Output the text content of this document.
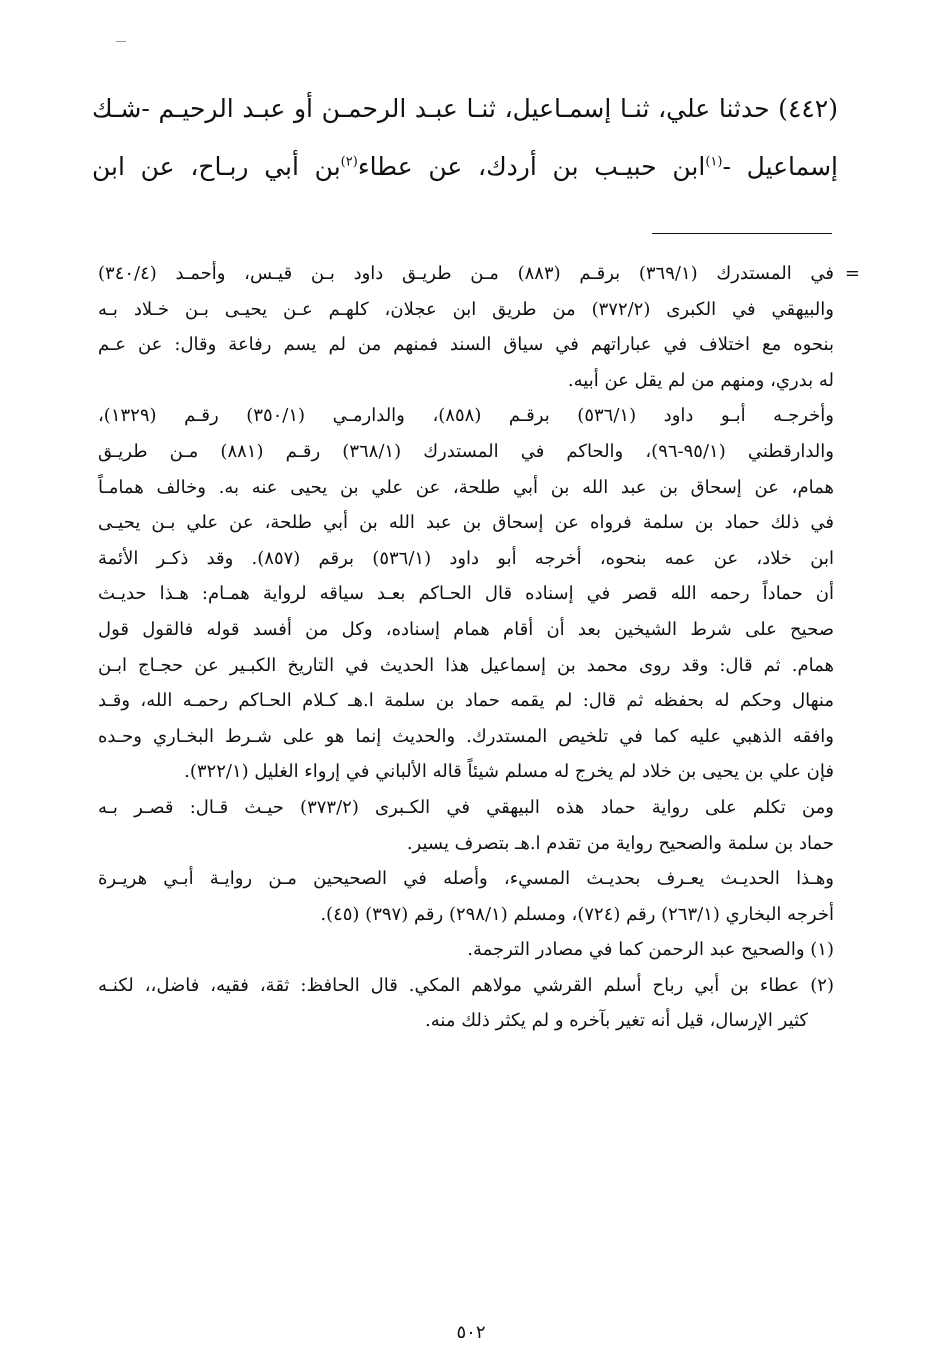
(٤٤٢) حدثنا علي، ثنـا إسمـاعيل، ثنـا عبـد الرحمـن أو عبـد الرحيـم -شـك
إسماعيل -$^{(١)}$ابن حبيـب بن أردك، عن عطاء$^{(٢)}$بن أبي ربـاح، عن ابن
=
في المستدرك (٣٦٩/١) برقـم (٨٨٣) مـن طريـق داود بـن قيـس، وأحمـد (٣٤٠/٤)
والبيهقي في الكبرى (٣٧٢/٢) من طريق ابن عجلان، كلهـم عـن يحيـى بـن خـلاد بـه
بنحوه مع اختلاف في عباراتهم في سياق السند فمنهم من لم يسم رفاعة وقال: عن عـم
له بدري، ومنهم من لم يقل عن أبيه.
وأخرجـه أبـو داود (٥٣٦/١) برقـم (٨٥٨)، والدارمـي (٣٥٠/١) رقـم (١٣٢٩)،
والدارقطني (٩٥/١-٩٦)، والحاكم في المستدرك (٣٦٨/١) رقـم (٨٨١) مـن طريـق
همام، عن إسحاق بن عبد الله بن أبي طلحة، عن علي بن يحيى عنه به. وخالف همامـاً
في ذلك حماد بن سلمة فرواه عن إسحاق بن عبد الله بن أبي طلحة، عن علي بـن يحيـى
ابن خلاد، عن عمه بنحوه، أخرجه أبو داود (٥٣٦/١) برقم (٨٥٧). وقد ذكـر الأئمة
أن حماداً رحمه الله قصر في إسناده قال الحـاكم بعـد سياقه لرواية همـام: هـذا حديـث
صحيح على شرط الشيخين بعد أن أقام همام إسناده، وكل من أفسد قوله فالقول قول
همام. ثم قال: وقد روى محمد بن إسماعيل هذا الحديث في التاريخ الكبـير عن حجـاج ابـن
منهال وحكم له بحفظه ثم قال: لم يقمه حماد بن سلمة ا.هـ كـلام الحـاكم رحمـه الله، وقـد
وافقه الذهبي عليه كما في تلخيص المستدرك. والحديث إنما هو على شـرط البخـاري وحـده
فإن علي بن يحيى بن خلاد لم يخرج له مسلم شيئاً قاله الألباني في إرواء الغليل (٣٢٢/١).
ومن تكلم على رواية حماد هذه البيهقي في الكـبرى (٣٧٣/٢) حيـث قـال: قصـر بـه
حماد بن سلمة والصحيح رواية من تقدم ا.هـ بتصرف يسير.
وهـذا الحديـث يعـرف بحديـث المسيء، وأصله في الصحيحين مـن روايـة أبـي هريـرة
أخرجه البخاري (٢٦٣/١) رقم (٧٢٤)، ومسلم (٢٩٨/١) رقم (٣٩٧) (٤٥).
(١) والصحيح عبد الرحمن كما في مصادر الترجمة.
(٢) عطاء بن أبي رباح أسلم القرشي مولاهم المكي. قال الحافظ: ثقة، فقيه، فاضل،، لكنـه
كثير الإرسال، قيل أنه تغير بآخره و لم يكثر ذلك منه.
٥٠٢
